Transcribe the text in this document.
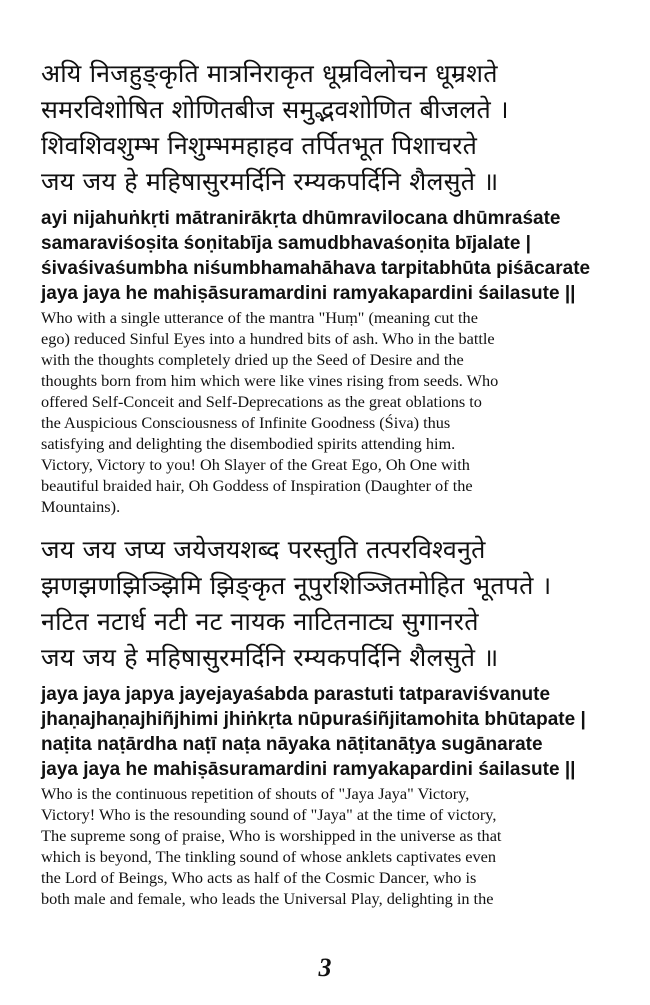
अयि निजहुङ्कृति मात्रनिराकृत धूम्रविलोचन धूम्रशते
समरविशोषित शोणितबीज समुद्भवशोणित बीजलते ।
शिवशिवशुम्भ निशुम्भमहाहव तर्पितभूत पिशाचरते
जय जय हे महिषासुरमर्दिनि रम्यकपर्दिनि शैलसुते ॥
ayi nijahuṅkṛti mātranirākṛta dhūmravilocana dhūmraśate
samaraviśoṣita śoṇitabīja samudbhavaśoṇita bījalate |
śivaśivaśumbha niśumbhamahāhava tarpitabhūta piśācarate
jaya jaya he mahiṣāsuramardini ramyakapardini śailasute ||
Who with a single utterance of the mantra "Huṃ" (meaning cut the
ego) reduced Sinful Eyes into a hundred bits of ash. Who in the battle
with the thoughts completely dried up the Seed of Desire and the
thoughts born from him which were like vines rising from seeds. Who
offered Self-Conceit and Self-Deprecations as the great oblations to
the Auspicious Consciousness of Infinite Goodness (Śiva) thus
satisfying and delighting the disembodied spirits attending him.
Victory, Victory to you! Oh Slayer of the Great Ego, Oh One with
beautiful braided hair, Oh Goddess of Inspiration (Daughter of the
Mountains).
जय जय जप्य जयेजयशब्द परस्तुति तत्परविश्वनुते
झणझणझिञ्झिमि झिङ्कृत नूपुरशिञ्जितमोहित भूतपते ।
नटित नटार्ध नटी नट नायक नाटितनाट्य सुगानरते
जय जय हे महिषासुरमर्दिनि रम्यकपर्दिनि शैलसुते ॥
jaya jaya japya jayejayaśabda parastuti tatparaviśvanute
jhaṇajhaṇajhiñjhimi jhiṅkṛta nūpuraśiñjitamohita bhūtapate |
naṭita naṭārdha naṭī naṭa nāyaka nāṭitanāṭya sugānarate
jaya jaya he mahiṣāsuramardini ramyakapardini śailasute ||
Who is the continuous repetition of shouts of "Jaya Jaya" Victory,
Victory! Who is the resounding sound of "Jaya" at the time of victory,
The supreme song of praise, Who is worshipped in the universe as that
which is beyond, The tinkling sound of whose anklets captivates even
the Lord of Beings, Who acts as half of the Cosmic Dancer, who is
both male and female, who leads the Universal Play, delighting in the
3
